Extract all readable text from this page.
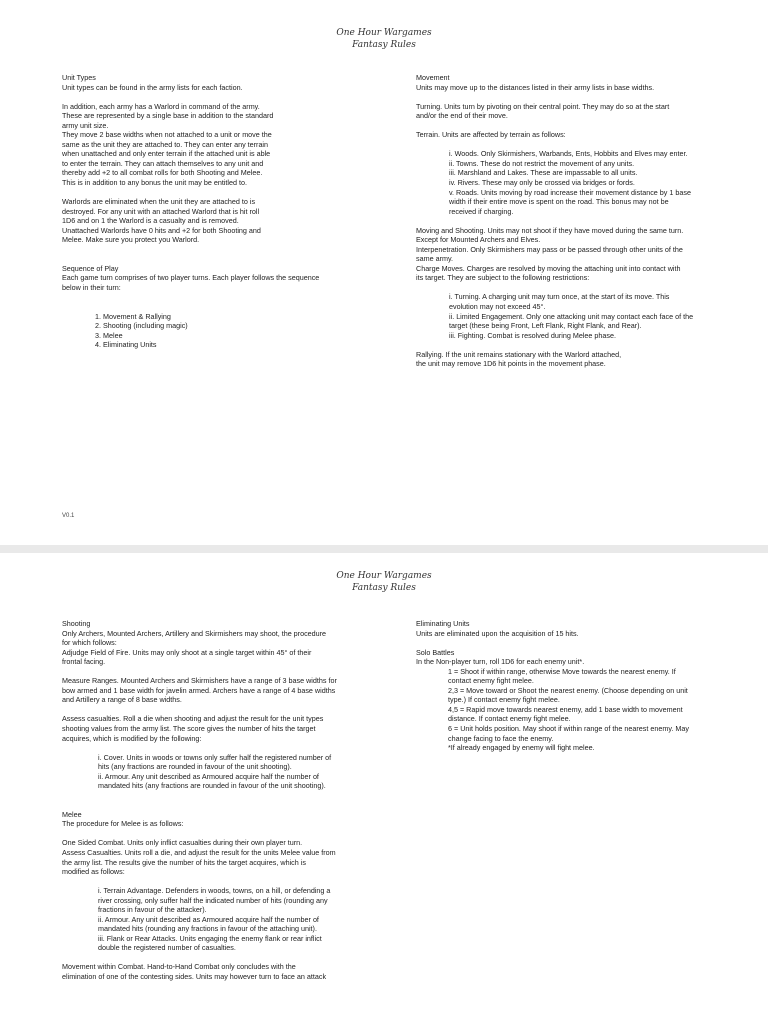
One Hour Wargames
Fantasy Rules

Unit Types

Unit types can be found in the army lists for each faction.

In addition, each army has a Warlord in command of the army.

These are represented by a single base in addition to the standard

army unit size.

They move 2 base widths when not attached to a unit or move the

same as the unit they are attached to. They can enter any terrain

when unattached and only enter terrain if the attached unit is able

to enter the terrain. They can attach themselves to any unit and

thereby add +2 to all combat rolls for both Shooting and Melee.

This is in addition to any bonus the unit may be entitled to.

Warlords are eliminated when the unit they are attached to is

destroyed. For any unit with an attached Warlord that is hit roll

1D6 and on 1 the Warlord is a casualty and is removed.

Unattached Warlords have 0 hits and +2 for both Shooting and

Melee. Make sure you protect you Warlord.

Sequence of Play

Each game turn comprises of two player turns. Each player follows the sequence

below in their turn:

1. Movement & Rallying

2. Shooting (including magic)

3. Melee

4. Eliminating Units

Movement

Units may move up to the distances listed in their army lists in base widths.

Turning. Units turn by pivoting on their central point. They may do so at the start

and/or the end of their move.

Terrain. Units are affected by terrain as follows:

i. Woods. Only Skirmishers, Warbands, Ents, Hobbits and Elves may enter.

ii. Towns. These do not restrict the movement of any units.

iii. Marshland and Lakes. These are impassable to all units.

iv. Rivers. These may only be crossed via bridges or fords.

v. Roads. Units moving by road increase their movement distance by 1 base

width if their entire move is spent on the road. This bonus may not be

received if charging.

Moving and Shooting. Units may not shoot if they have moved during the same turn.

Except for Mounted Archers and Elves.

Interpenetration. Only Skirmishers may pass or be passed through other units of the

same army.

Charge Moves. Charges are resolved by moving the attaching unit into contact with

its target. They are subject to the following restrictions:

i. Turning. A charging unit may turn once, at the start of its move. This

evolution may not exceed 45°.

ii. Limited Engagement. Only one attacking unit may contact each face of the

target (these being Front, Left Flank, Right Flank, and Rear).

iii. Fighting. Combat is resolved during Melee phase.

Rallying. If the unit remains stationary with the Warlord attached,

the unit may remove 1D6 hit points in the movement phase.

V0.1
One Hour Wargames
Fantasy Rules

Shooting

Only Archers, Mounted Archers, Artillery and Skirmishers may shoot, the procedure

for which follows:

Adjudge Field of Fire. Units may only shoot at a single target within 45° of their

frontal facing.

Measure Ranges. Mounted Archers and Skirmishers have a range of 3 base widths for

bow armed and 1 base width for javelin armed. Archers have a range of 4 base widths

and Artillery a range of 8 base widths.

Assess casualties. Roll a die when shooting and adjust the result for the unit types

shooting values from the army list. The score gives the number of hits the target

acquires, which is modified by the following:

i. Cover. Units in woods or towns only suffer half the registered number of

hits (any fractions are rounded in favour of the unit shooting).

ii. Armour. Any unit described as Armoured acquire half the number of

mandated hits (any fractions are rounded in favour of the unit shooting).

Melee

The procedure for Melee is as follows:

One Sided Combat. Units only inflict casualties during their own player turn.

Assess Casualties. Units roll a die, and adjust the result for the units Melee value from

the army list. The results give the number of hits the target acquires, which is

modified as follows:

i. Terrain Advantage. Defenders in woods, towns, on a hill, or defending a

river crossing, only suffer half the indicated number of hits (rounding any

fractions in favour of the attacker).

ii. Armour. Any unit described as Armoured acquire half the number of

mandated hits (rounding any fractions in favour of the attaching unit).

iii. Flank or Rear Attacks. Units engaging the enemy flank or rear inflict

double the registered number of casualties.

Movement within Combat. Hand-to-Hand Combat only concludes with the

elimination of one of the contesting sides. Units may however turn to face an attack

Eliminating Units

Units are eliminated upon the acquisition of 15 hits.

Solo Battles

In the Non-player turn, roll 1D6 for each enemy unit*.

1 = Shoot if within range, otherwise Move towards the nearest enemy. If

contact enemy fight melee.

2,3 = Move toward or Shoot the nearest enemy. (Choose depending on unit

type.) If contact enemy fight melee.

4,5 = Rapid move towards nearest enemy, add 1 base width to movement

distance. If contact enemy fight melee.

6 = Unit holds position. May shoot if within range of the nearest enemy. May

change facing to face the enemy.

*If already engaged by enemy will fight melee.
